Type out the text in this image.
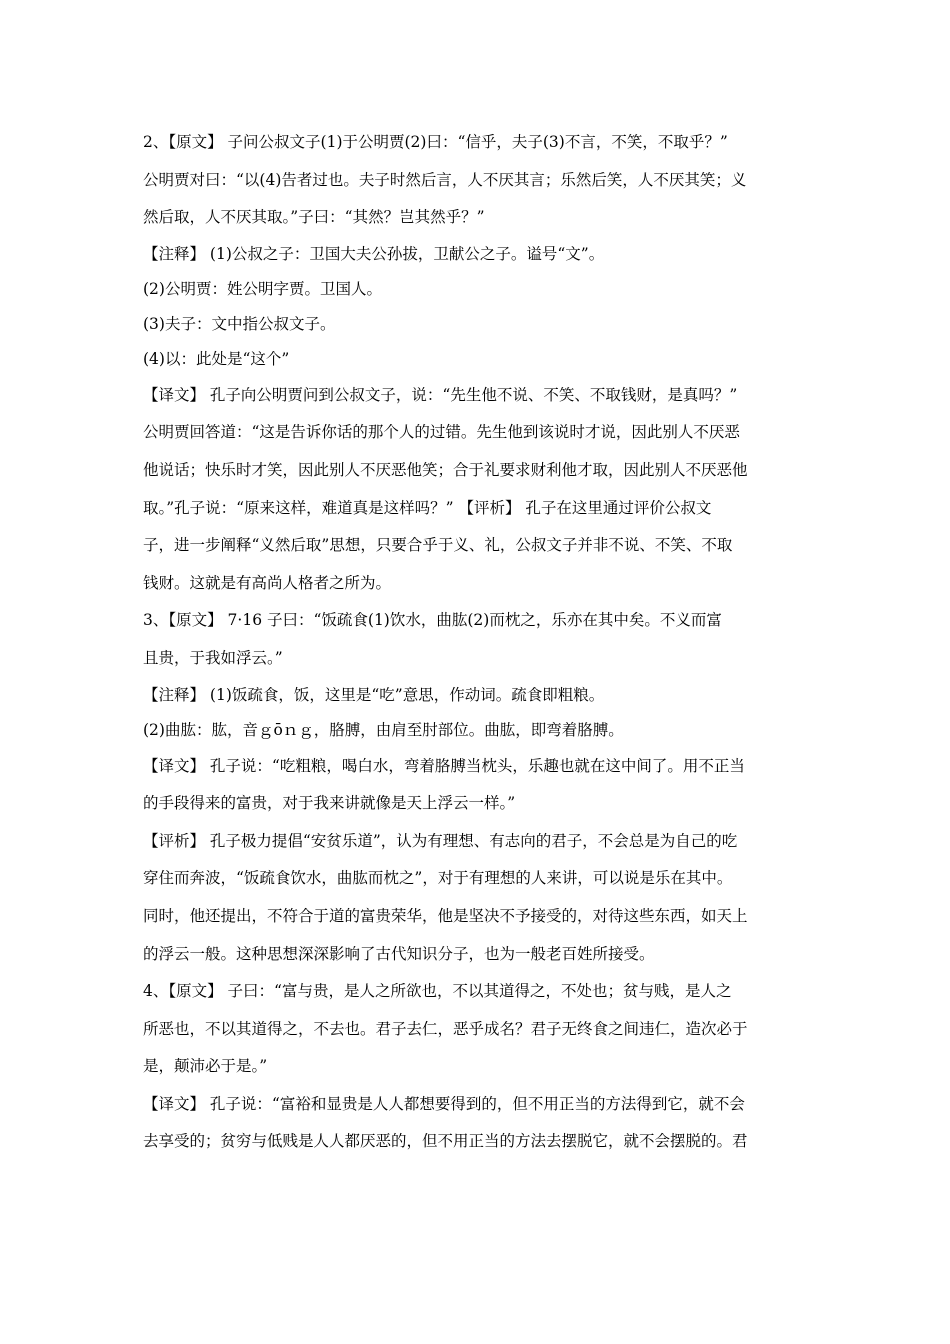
2、【原文】 子问公叔文子(1)于公明贾(2)曰：“信乎，夫子(3)不言，不笑，不取乎？”
公明贾对曰：“以(4)告者过也。夫子时然后言，人不厌其言；乐然后笑，人不厌其笑；义
然后取，人不厌其取。”子曰：“其然？岂其然乎？”
【注释】 (1)公叔之子：卫国大夫公孙拔，卫献公之子。谥号“文”。
(2)公明贾：姓公明字贾。卫国人。
(3)夫子：文中指公叔文子。
(4)以：此处是“这个”
【译文】 孔子向公明贾问到公叔文子，说：“先生他不说、不笑、不取钱财，是真吗？”
公明贾回答道：“这是告诉你话的那个人的过错。先生他到该说时才说，因此别人不厌恶
他说话；快乐时才笑，因此别人不厌恶他笑；合于礼要求财利他才取，因此别人不厌恶他
取。”孔子说：“原来这样，难道真是这样吗？” 【评析】 孔子在这里通过评价公叔文
子，进一步阐释“义然后取”思想，只要合乎于义、礼，公叔文子并非不说、不笑、不取
钱财。这就是有高尚人格者之所为。
3、【原文】 7·16 子曰：“饭疏食(1)饮水，曲肱(2)而枕之，乐亦在其中矣。不义而富
且贵，于我如浮云。”
【注释】 (1)饭疏食，饭，这里是“吃”意思，作动词。疏食即粗粮。
(2)曲肱：肱，音ｇōｎｇ，胳膊，由肩至肘部位。曲肱，即弯着胳膊。
【译文】 孔子说：“吃粗粮，喝白水，弯着胳膊当枕头，乐趣也就在这中间了。用不正当
的手段得来的富贵，对于我来讲就像是天上浮云一样。”
【评析】 孔子极力提倡“安贫乐道”，认为有理想、有志向的君子，不会总是为自己的吃
穿住而奔波，“饭疏食饮水，曲肱而枕之”，对于有理想的人来讲，可以说是乐在其中。
同时，他还提出，不符合于道的富贵荣华，他是坚决不予接受的，对待这些东西，如天上
的浮云一般。这种思想深深影响了古代知识分子，也为一般老百姓所接受。
4、【原文】 子曰：“富与贵，是人之所欲也，不以其道得之，不处也；贫与贱，是人之
所恶也，不以其道得之，不去也。君子去仁，恶乎成名？君子无终食之间违仁，造次必于
是，颠沛必于是。”
【译文】 孔子说：“富裕和显贵是人人都想要得到的，但不用正当的方法得到它，就不会
去享受的；贫穷与低贱是人人都厌恶的，但不用正当的方法去摆脱它，就不会摆脱的。君
